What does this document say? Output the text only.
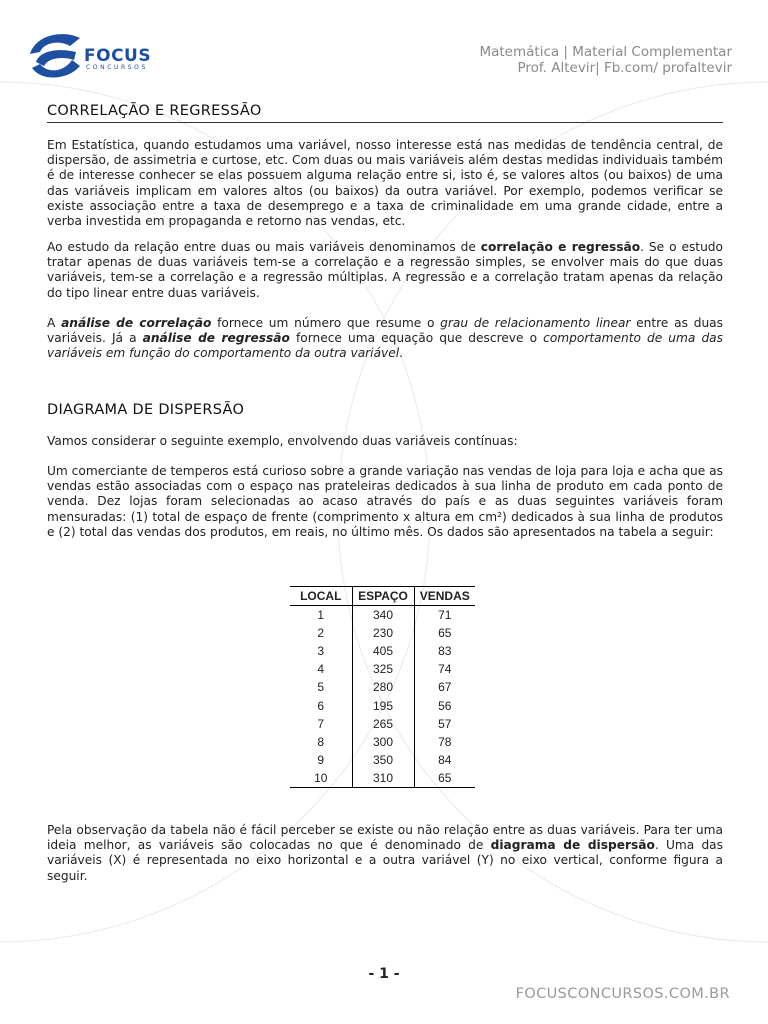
FOCUS
CONCURSOS
Matemática | Material Complementar
Prof. Altevir| Fb.com/ profaltevir
CORRELAÇÃO E REGRESSÃO
Em Estatística, quando estudamos uma variável, nosso interesse está nas medidas de tendência central, de dispersão, de assimetria e curtose, etc. Com duas ou mais variáveis além destas medidas individuais também é de interesse conhecer se elas possuem alguma relação entre si, isto é, se valores altos (ou baixos) de uma das variáveis implicam em valores altos (ou baixos) da outra variável. Por exemplo, podemos verificar se existe associação entre a taxa de desemprego e a taxa de criminalidade em uma grande cidade, entre a verba investida em propaganda e retorno nas vendas, etc.
Ao estudo da relação entre duas ou mais variáveis denominamos de correlação e regressão. Se o estudo tratar apenas de duas variáveis tem-se a correlação e a regressão simples, se envolver mais do que duas variáveis, tem-se a correlação e a regressão múltiplas. A regressão e a correlação tratam apenas da relação do tipo linear entre duas variáveis.
A análise de correlação fornece um número que resume o grau de relacionamento linear entre as duas variáveis. Já a análise de regressão fornece uma equação que descreve o comportamento de uma das variáveis em função do comportamento da outra variável.
DIAGRAMA DE DISPERSÃO
Vamos considerar o seguinte exemplo, envolvendo duas variáveis contínuas:
Um comerciante de temperos está curioso sobre a grande variação nas vendas de loja para loja e acha que as vendas estão associadas com o espaço nas prateleiras dedicados à sua linha de produto em cada ponto de venda. Dez lojas foram selecionadas ao acaso através do país e as duas seguintes variáveis foram mensuradas: (1) total de espaço de frente (comprimento x altura em cm²) dedicados à sua linha de produtos e (2) total das vendas dos produtos, em reais, no último mês. Os dados são apresentados na tabela a seguir:
LOCAL	ESPAÇO	VENDAS
1	340	71
2	230	65
3	405	83
4	325	74
5	280	67
6	195	56
7	265	57
8	300	78
9	350	84
10	310	65
Pela observação da tabela não é fácil perceber se existe ou não relação entre as duas variáveis. Para ter uma ideia melhor, as variáveis são colocadas no que é denominado de diagrama de dispersão. Uma das variáveis (X) é representada no eixo horizontal e a outra variável (Y) no eixo vertical, conforme figura a seguir.
- 1 -
FOCUSCONCURSOS.COM.BR
